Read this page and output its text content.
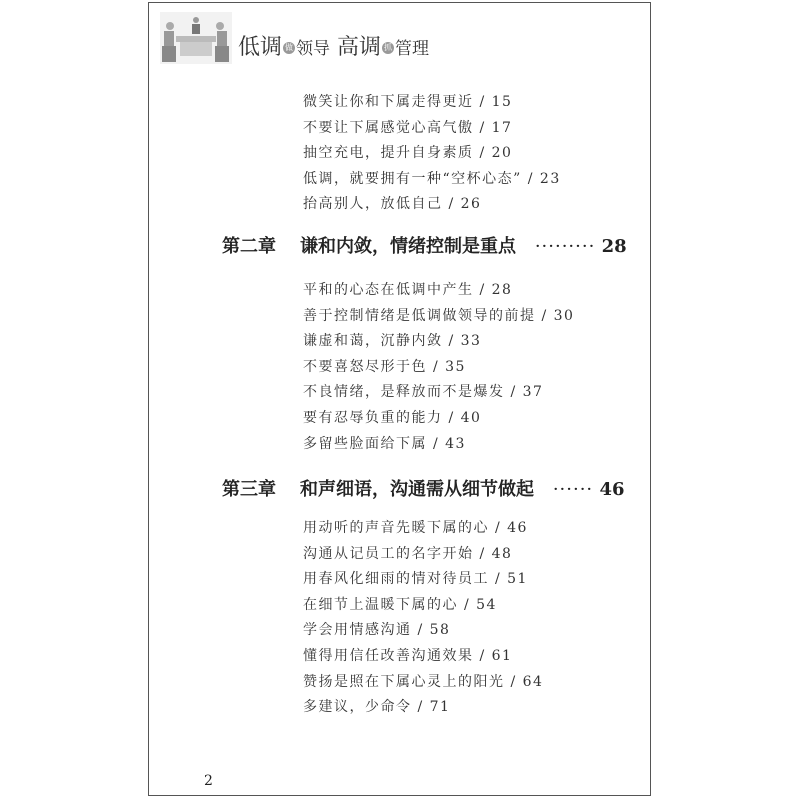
低调 做 领导 高调 抓 管理
微笑让你和下属走得更近 / 15
不要让下属感觉心高气傲 / 17
抽空充电，提升自身素质 / 20
低调，就要拥有一种“空杯心态” / 23
抬高别人，放低自己 / 26
第二章 谦和内敛，情绪控制是重点 ········· 28
平和的心态在低调中产生 / 28
善于控制情绪是低调做领导的前提 / 30
谦虚和蔼，沉静内敛 / 33
不要喜怒尽形于色 / 35
不良情绪，是释放而不是爆发 / 37
要有忍辱负重的能力 / 40
多留些脸面给下属 / 43
第三章 和声细语，沟通需从细节做起 ······ 46
用动听的声音先暖下属的心 / 46
沟通从记员工的名字开始 / 48
用春风化细雨的情对待员工 / 51
在细节上温暖下属的心 / 54
学会用情感沟通 / 58
懂得用信任改善沟通效果 / 61
赞扬是照在下属心灵上的阳光 / 64
多建议，少命令 / 71
2
